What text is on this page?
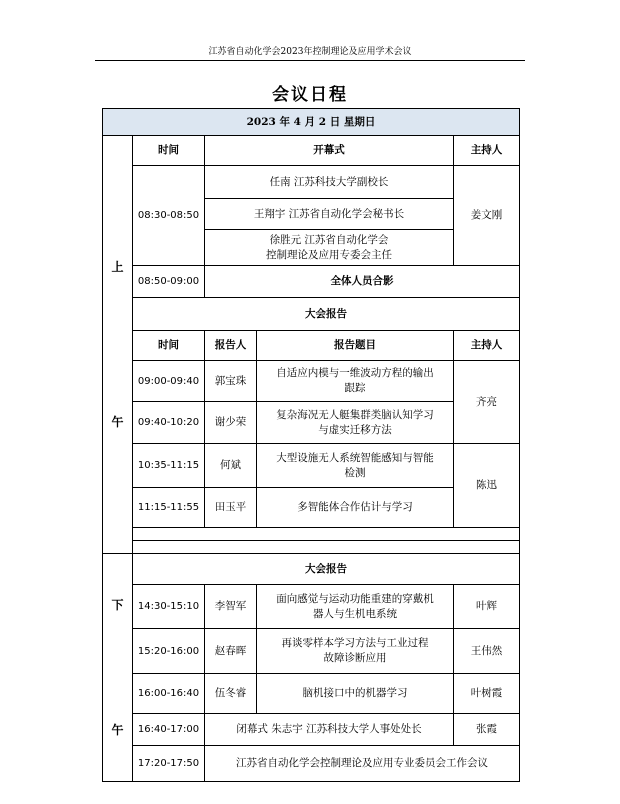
江苏省自动化学会2023年控制理论及应用学术会议
会议日程
2023 年 4 月 2 日 星期日				

上
午	时间	开幕式		主持人
	08:30-08:50	任南 江苏科技大学副校长		姜文刚

		王翔宇 江苏省自动化学会秘书长		

		徐胜元 江苏省自动化学会
控制理论及应用专委会主任		

	08:50-09:00	全体人员合影		
	大会报告			
	时间	报告人	报告题目	主持人
	09:00-09:40	郭宝珠	自适应内模与一维波动方程的输出
跟踪	齐亮
	09:40-10:20	谢少荣	复杂海况无人艇集群类脑认知学习
与虚实迁移方法	

	10:35-11:15	何斌	大型设施无人系统智能感知与智能
检测	陈迅
	11:15-11:55	田玉平	多智能体合作估计与学习	

下
午	大会报告			
	14:30-15:10	李智军	面向感觉与运动功能重建的穿戴机
器人与生机电系统	叶辉
	15:20-16:00	赵春晖	再谈零样本学习方法与工业过程
故障诊断应用	王伟然
	16:00-16:40	伍冬睿	脑机接口中的机器学习	叶树霞
	16:40-17:00	闭幕式 朱志宇 江苏科技大学人事处处长		张霞
	17:20-17:50	江苏省自动化学会控制理论及应用专业委员会工作会议		
